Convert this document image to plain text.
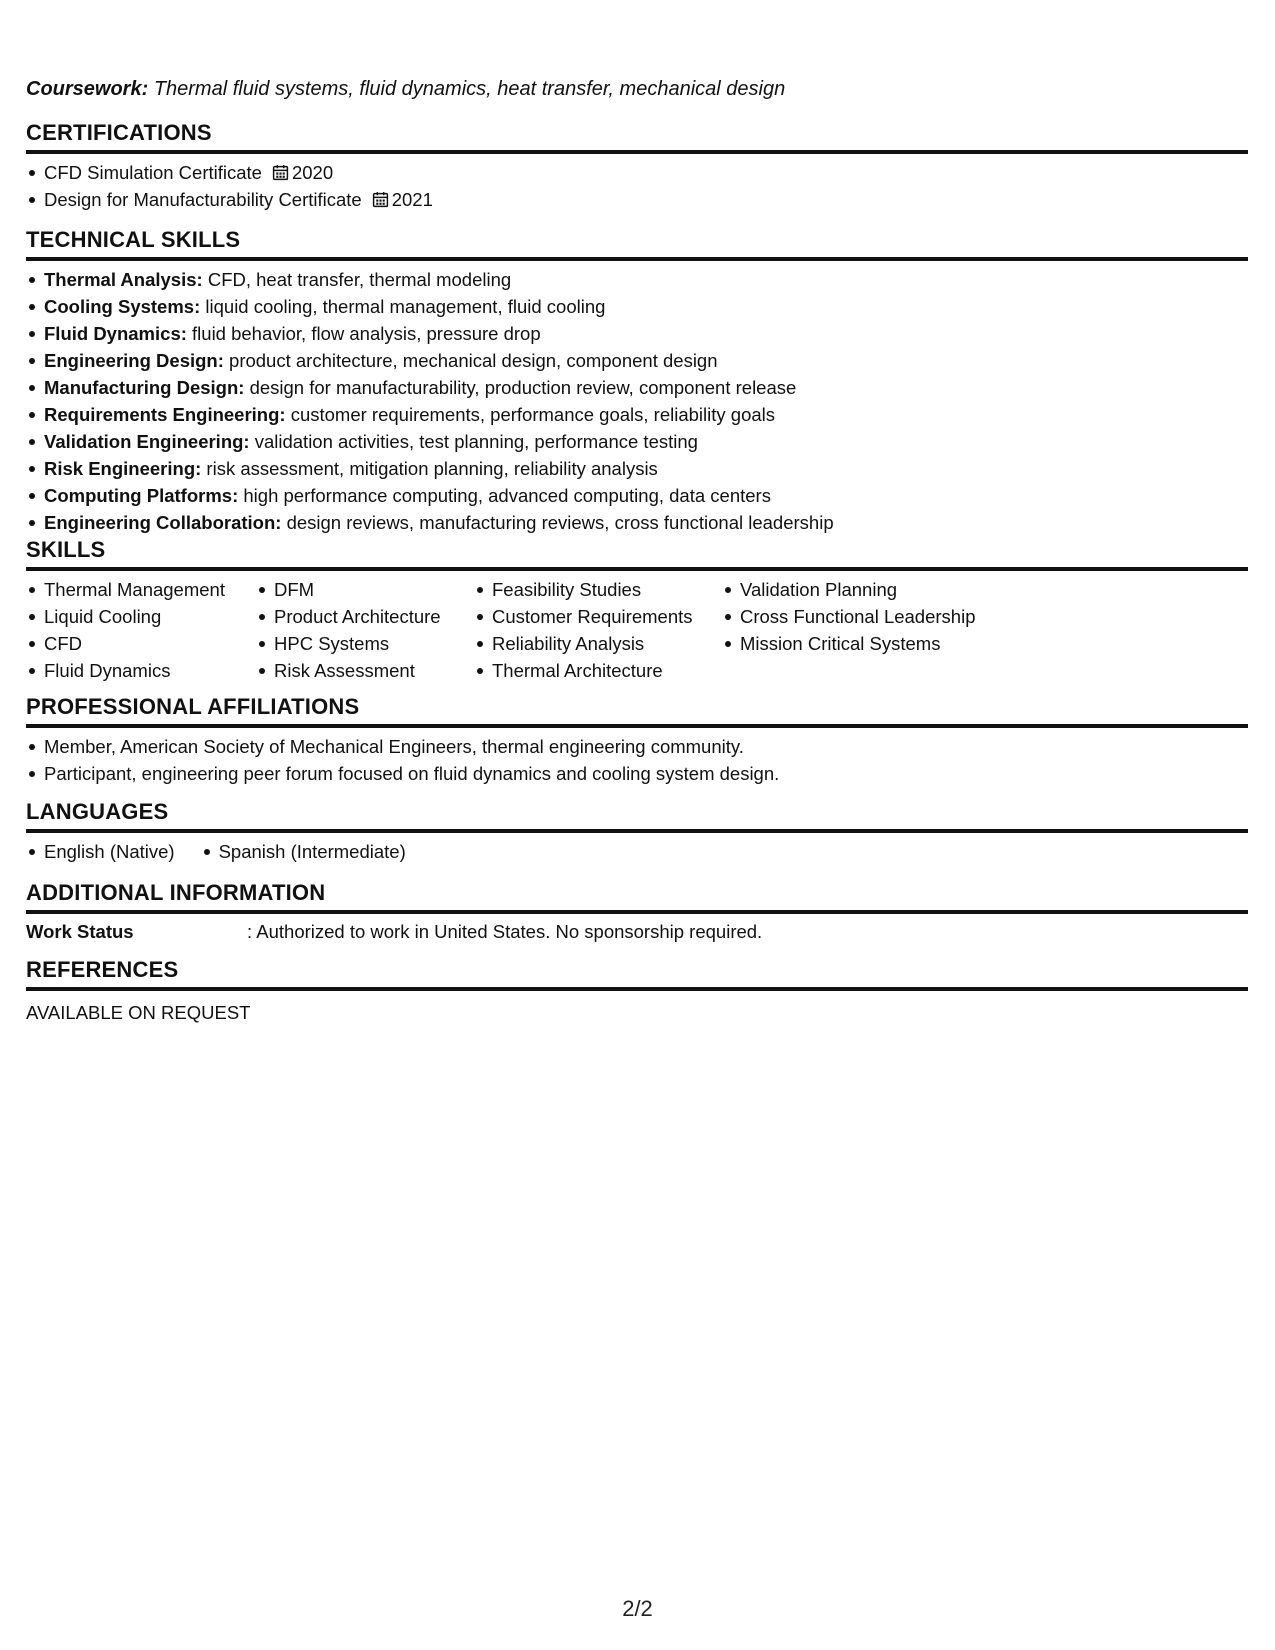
Coursework: Thermal fluid systems, fluid dynamics, heat transfer, mechanical design
CERTIFICATIONS
CFD Simulation Certificate 2020
Design for Manufacturability Certificate 2021
TECHNICAL SKILLS
Thermal Analysis: CFD, heat transfer, thermal modeling
Cooling Systems: liquid cooling, thermal management, fluid cooling
Fluid Dynamics: fluid behavior, flow analysis, pressure drop
Engineering Design: product architecture, mechanical design, component design
Manufacturing Design: design for manufacturability, production review, component release
Requirements Engineering: customer requirements, performance goals, reliability goals
Validation Engineering: validation activities, test planning, performance testing
Risk Engineering: risk assessment, mitigation planning, reliability analysis
Computing Platforms: high performance computing, advanced computing, data centers
Engineering Collaboration: design reviews, manufacturing reviews, cross functional leadership
SKILLS
Thermal Management
Liquid Cooling
CFD
Fluid Dynamics
DFM
Product Architecture
HPC Systems
Risk Assessment
Feasibility Studies
Customer Requirements
Reliability Analysis
Thermal Architecture
Validation Planning
Cross Functional Leadership
Mission Critical Systems
PROFESSIONAL AFFILIATIONS
Member, American Society of Mechanical Engineers, thermal engineering community.
Participant, engineering peer forum focused on fluid dynamics and cooling system design.
LANGUAGES
English (Native)	Spanish (Intermediate)
ADDITIONAL INFORMATION
Work Status	: Authorized to work in United States. No sponsorship required.
REFERENCES
AVAILABLE ON REQUEST
2/2
